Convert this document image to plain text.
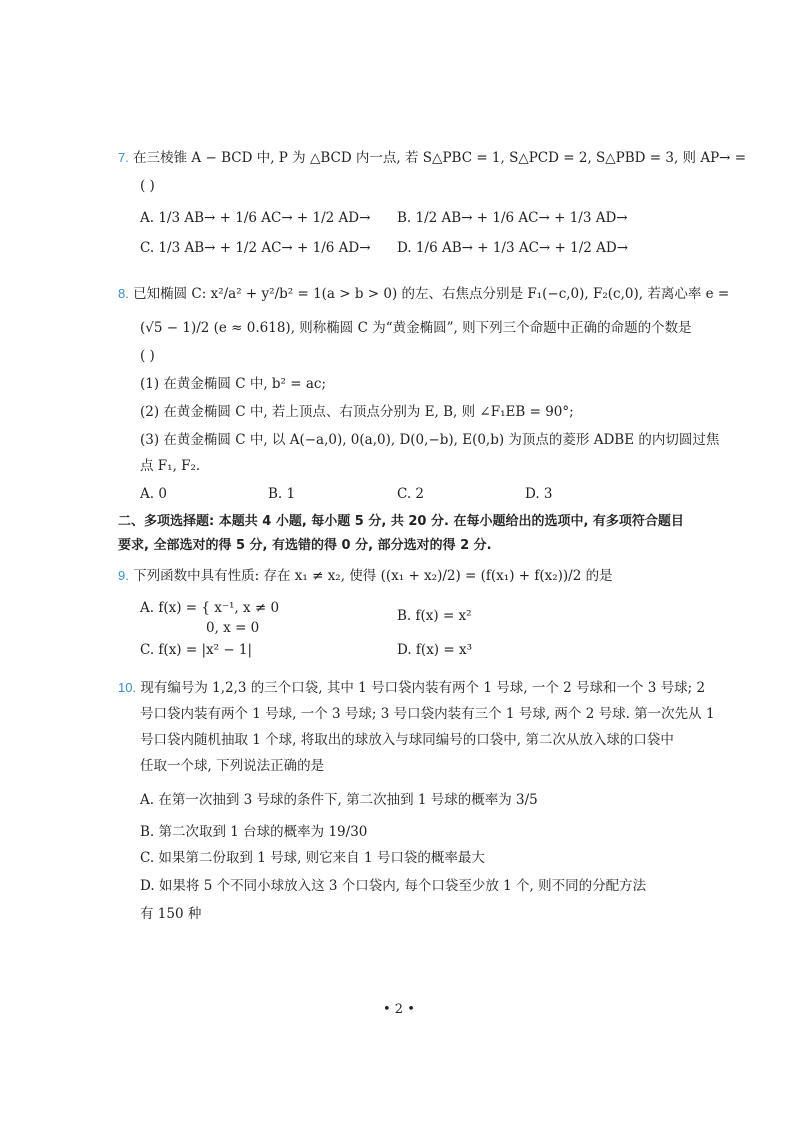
7. 在三棱锥 A − BCD 中, P 为 △BCD 内一点, 若 S△PBC = 1, S△PCD = 2, S△PBD = 3, 则 AP→ =
( )
A. 1/3 AB→ + 1/6 AC→ + 1/2 AD→ B. 1/2 AB→ + 1/6 AC→ + 1/3 AD→
C. 1/3 AB→ + 1/2 AC→ + 1/6 AD→ D. 1/6 AB→ + 1/3 AC→ + 1/2 AD→
8. 已知椭圆 C: x²/a² + y²/b² = 1(a > b > 0) 的左、右焦点分别是 F₁(−c,0), F₂(c,0), 若离心率 e =
(√5 − 1)/2 (e ≈ 0.618), 则称椭圆 C 为“黄金椭圆”, 则下列三个命题中正确的命题的个数是
( )
(1) 在黄金椭圆 C 中, b² = ac;
(2) 在黄金椭圆 C 中, 若上顶点、右顶点分别为 E, B, 则 ∠F₁EB = 90°;
(3) 在黄金椭圆 C 中, 以 A(−a,0), 0(a,0), D(0,−b), E(0,b) 为顶点的菱形 ADBE 的内切圆过焦
点 F₁, F₂.
A. 0	B. 1	C. 2	D. 3
二、多项选择题: 本题共 4 小题, 每小题 5 分, 共 20 分. 在每小题给出的选项中, 有多项符合题目
要求, 全部选对的得 5 分, 有选错的得 0 分, 部分选对的得 2 分.
9. 下列函数中具有性质: 存在 x₁ ≠ x₂, 使得 ((x₁ + x₂)/2) = (f(x₁) + f(x₂))/2 的是
A. f(x) = { x⁻¹, x ≠ 0
0, x = 0
B. f(x) = x²
C. f(x) = |x² − 1|	D. f(x) = x³
10. 现有编号为 1,2,3 的三个口袋, 其中 1 号口袋内装有两个 1 号球, 一个 2 号球和一个 3 号球; 2
号口袋内装有两个 1 号球, 一个 3 号球; 3 号口袋内装有三个 1 号球, 两个 2 号球. 第一次先从 1
号口袋内随机抽取 1 个球, 将取出的球放入与球同编号的口袋中, 第二次从放入球的口袋中
任取一个球, 下列说法正确的是
A. 在第一次抽到 3 号球的条件下, 第二次抽到 1 号球的概率为 3/5
B. 第二次取到 1 台球的概率为 19/30
C. 如果第二份取到 1 号球, 则它来自 1 号口袋的概率最大
D. 如果将 5 个不同小球放入这 3 个口袋内, 每个口袋至少放 1 个, 则不同的分配方法
有 150 种
• 2 •
